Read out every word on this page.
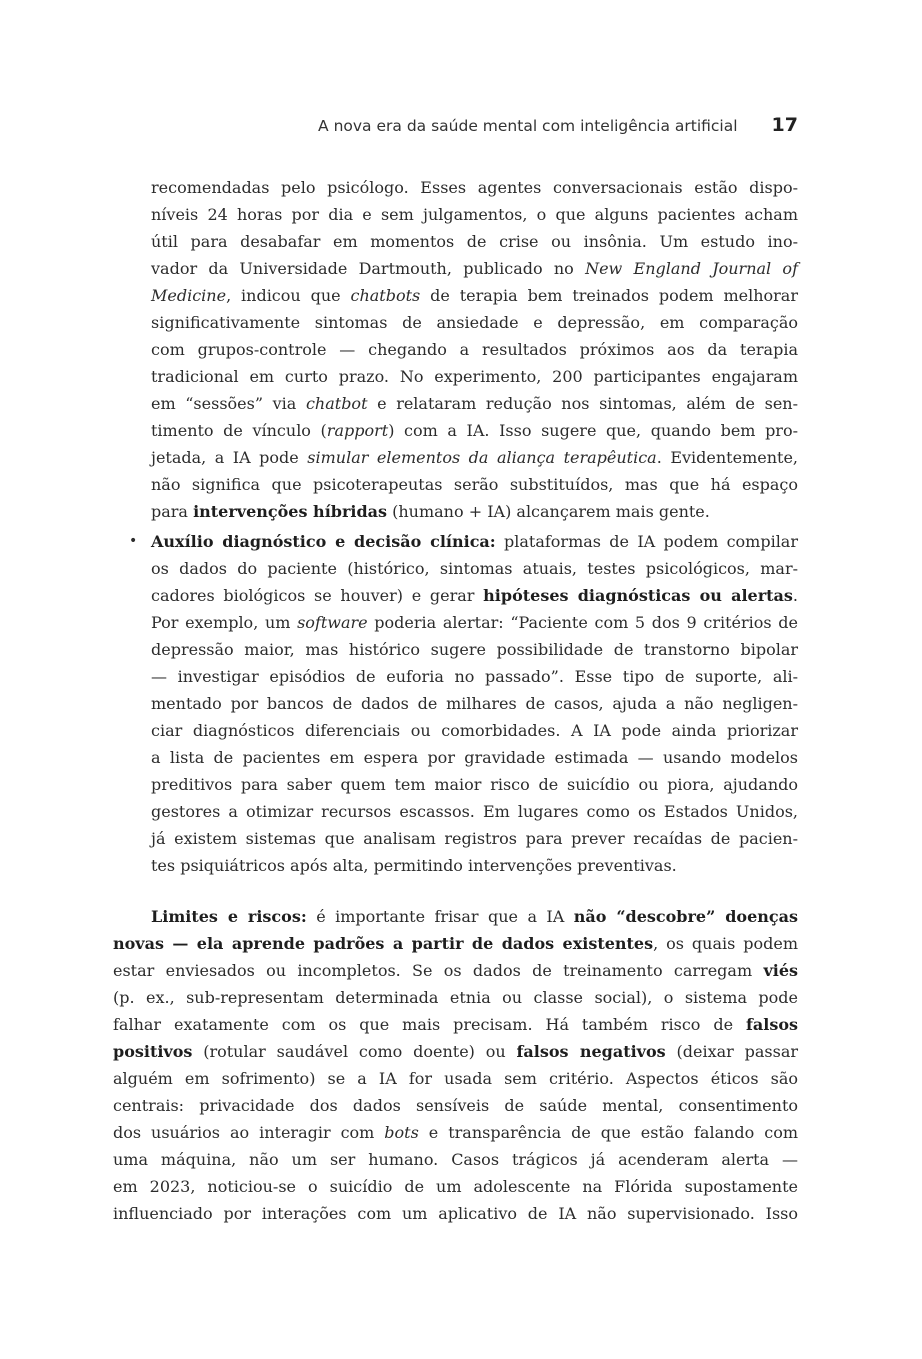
A nova era da saúde mental com inteligência artificial 17
recomendadas pelo psicólogo. Esses agentes conversacionais estão dispo-
níveis 24 horas por dia e sem julgamentos, o que alguns pacientes acham
útil para desabafar em momentos de crise ou insônia. Um estudo ino-
vador da Universidade Dartmouth, publicado no New England Journal of
Medicine, indicou que chatbots de terapia bem treinados podem melhorar
significativamente sintomas de ansiedade e depressão, em comparação
com grupos-controle — chegando a resultados próximos aos da terapia
tradicional em curto prazo. No experimento, 200 participantes engajaram
em “sessões” via chatbot e relataram redução nos sintomas, além de sen-
timento de vínculo (rapport) com a IA. Isso sugere que, quando bem pro-
jetada, a IA pode simular elementos da aliança terapêutica. Evidentemente,
não significa que psicoterapeutas serão substituídos, mas que há espaço
para intervenções híbridas (humano + IA) alcançarem mais gente.
• Auxílio diagnóstico e decisão clínica: plataformas de IA podem compilar
os dados do paciente (histórico, sintomas atuais, testes psicológicos, mar-
cadores biológicos se houver) e gerar hipóteses diagnósticas ou alertas.
Por exemplo, um software poderia alertar: “Paciente com 5 dos 9 critérios de
depressão maior, mas histórico sugere possibilidade de transtorno bipolar
— investigar episódios de euforia no passado”. Esse tipo de suporte, ali-
mentado por bancos de dados de milhares de casos, ajuda a não negligen-
ciar diagnósticos diferenciais ou comorbidades. A IA pode ainda priorizar
a lista de pacientes em espera por gravidade estimada — usando modelos
preditivos para saber quem tem maior risco de suicídio ou piora, ajudando
gestores a otimizar recursos escassos. Em lugares como os Estados Unidos,
já existem sistemas que analisam registros para prever recaídas de pacien-
tes psiquiátricos após alta, permitindo intervenções preventivas.
Limites e riscos: é importante frisar que a IA não “descobre” doenças
novas — ela aprende padrões a partir de dados existentes, os quais podem
estar enviesados ou incompletos. Se os dados de treinamento carregam viés
(p. ex., sub-representam determinada etnia ou classe social), o sistema pode
falhar exatamente com os que mais precisam. Há também risco de falsos
positivos (rotular saudável como doente) ou falsos negativos (deixar passar
alguém em sofrimento) se a IA for usada sem critério. Aspectos éticos são
centrais: privacidade dos dados sensíveis de saúde mental, consentimento
dos usuários ao interagir com bots e transparência de que estão falando com
uma máquina, não um ser humano. Casos trágicos já acenderam alerta —
em 2023, noticiou-se o suicídio de um adolescente na Flórida supostamente
influenciado por interações com um aplicativo de IA não supervisionado. Isso
